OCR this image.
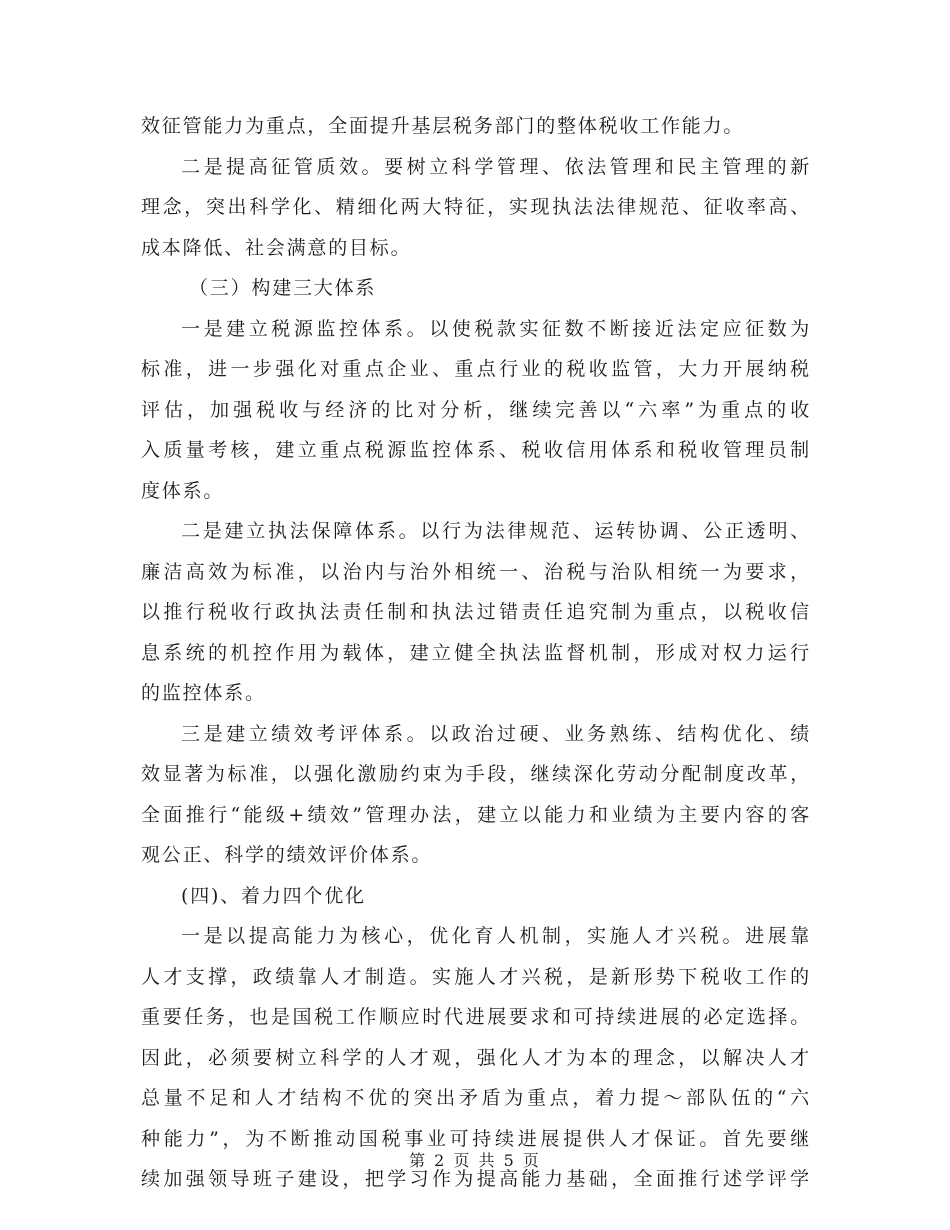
效征管能力为重点，全面提升基层税务部门的整体税收工作能力。
二是提高征管质效。要树立科学管理、依法管理和民主管理的新
理念，突出科学化、精细化两大特征，实现执法法律规范、征收率高、
成本降低、社会满意的目标。
（三）构建三大体系
一是建立税源监控体系。以使税款实征数不断接近法定应征数为
标准，进一步强化对重点企业、重点行业的税收监管，大力开展纳税
评估，加强税收与经济的比对分析，继续完善以“六率”为重点的收
入质量考核，建立重点税源监控体系、税收信用体系和税收管理员制
度体系。
二是建立执法保障体系。以行为法律规范、运转协调、公正透明、
廉洁高效为标准，以治内与治外相统一、治税与治队相统一为要求，
以推行税收行政执法责任制和执法过错责任追究制为重点，以税收信
息系统的机控作用为载体，建立健全执法监督机制，形成对权力运行
的监控体系。
三是建立绩效考评体系。以政治过硬、业务熟练、结构优化、绩
效显著为标准，以强化激励约束为手段，继续深化劳动分配制度改革，
全面推行“能级+绩效”管理办法，建立以能力和业绩为主要内容的客
观公正、科学的绩效评价体系。
(四)、着力四个优化
一是以提高能力为核心，优化育人机制，实施人才兴税。进展靠
人才支撑，政绩靠人才制造。实施人才兴税，是新形势下税收工作的
重要任务，也是国税工作顺应时代进展要求和可持续进展的必定选择。
因此，必须要树立科学的人才观，强化人才为本的理念，以解决人才
总量不足和人才结构不优的突出矛盾为重点，着力提～部队伍的“六
种能力”，为不断推动国税事业可持续进展提供人才保证。首先要继
续加强领导班子建设，把学习作为提高能力基础，全面推行述学评学
第 2 页 共 5 页
